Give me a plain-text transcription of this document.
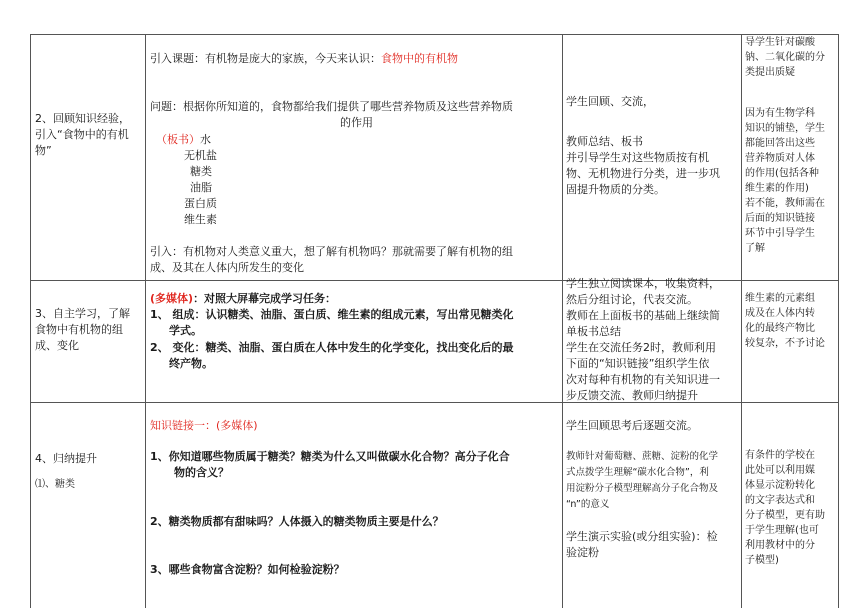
2、回顾知识经验，
引入“食物中的有机
物”
3、自主学习，了解
食物中有机物的组
成、变化
4、归纳提升
⑴、糖类
引入课题：有机物是庞大的家族，今天来认识：食物中的有机物
问题：根据你所知道的，食物都给我们提供了哪些营养物质及这些营养物质
的作用
（板书）水
无机盐
糖类
油脂
蛋白质
维生素
引入：有机物对人类意义重大，想了解有机物吗？那就需要了解有机物的组
成、及其在人体内所发生的变化
(多媒体)：对照大屏幕完成学习任务：
1、 组成：认识糖类、油脂、蛋白质、维生素的组成元素，写出常见糖类化
学式。
2、 变化：糖类、油脂、蛋白质在人体中发生的化学变化，找出变化后的最
终产物。
知识链接一：(多媒体)
1、你知道哪些物质属于糖类？糖类为什么又叫做碳水化合物？高分子化合
物的含义？
2、糖类物质都有甜味吗？人体摄入的糖类物质主要是什么？
3、哪些食物富含淀粉？如何检验淀粉？
学生回顾、交流，
教师总结、板书
并引导学生对这些物质按有机
物、无机物进行分类，进一步巩
固提升物质的分类。
学生独立阅读课本，收集资料，
然后分组讨论，代表交流。
教师在上面板书的基础上继续简
单板书总结
学生在交流任务2时，教师利用
下面的“知识链接”组织学生依
次对每种有机物的有关知识进一
步反馈交流、教师归纳提升
学生回顾思考后逐题交流。
教师针对葡萄糖、蔗糖、淀粉的化学
式点拨学生理解“碳水化合物”，利
用淀粉分子模型理解高分子化合物及
“n”的意义
学生演示实验(或分组实验)：检
验淀粉
导学生针对碳酸
钠、二氧化碳的分
类提出质疑
因为有生物学科
知识的铺垫，学生
都能回答出这些
营养物质对人体
的作用(包括各种
维生素的作用)
若不能，教师需在
后面的知识链接
环节中引导学生
了解
维生素的元素组
成及在人体内转
化的最终产物比
较复杂，不予讨论
有条件的学校在
此处可以利用媒
体显示淀粉转化
的文字表达式和
分子模型，更有助
于学生理解(也可
利用教材中的分
子模型)
